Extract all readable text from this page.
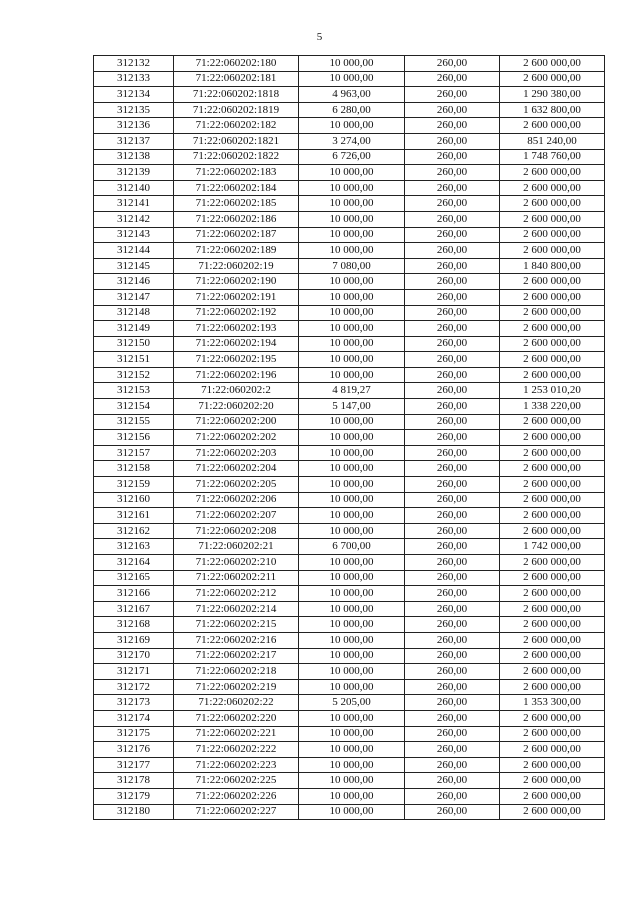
5
312132	71:22:060202:180	10 000,00	260,00	2 600 000,00
312133	71:22:060202:181	10 000,00	260,00	2 600 000,00
312134	71:22:060202:1818	4 963,00	260,00	1 290 380,00
312135	71:22:060202:1819	6 280,00	260,00	1 632 800,00
312136	71:22:060202:182	10 000,00	260,00	2 600 000,00
312137	71:22:060202:1821	3 274,00	260,00	851 240,00
312138	71:22:060202:1822	6 726,00	260,00	1 748 760,00
312139	71:22:060202:183	10 000,00	260,00	2 600 000,00
312140	71:22:060202:184	10 000,00	260,00	2 600 000,00
312141	71:22:060202:185	10 000,00	260,00	2 600 000,00
312142	71:22:060202:186	10 000,00	260,00	2 600 000,00
312143	71:22:060202:187	10 000,00	260,00	2 600 000,00
312144	71:22:060202:189	10 000,00	260,00	2 600 000,00
312145	71:22:060202:19	7 080,00	260,00	1 840 800,00
312146	71:22:060202:190	10 000,00	260,00	2 600 000,00
312147	71:22:060202:191	10 000,00	260,00	2 600 000,00
312148	71:22:060202:192	10 000,00	260,00	2 600 000,00
312149	71:22:060202:193	10 000,00	260,00	2 600 000,00
312150	71:22:060202:194	10 000,00	260,00	2 600 000,00
312151	71:22:060202:195	10 000,00	260,00	2 600 000,00
312152	71:22:060202:196	10 000,00	260,00	2 600 000,00
312153	71:22:060202:2	4 819,27	260,00	1 253 010,20
312154	71:22:060202:20	5 147,00	260,00	1 338 220,00
312155	71:22:060202:200	10 000,00	260,00	2 600 000,00
312156	71:22:060202:202	10 000,00	260,00	2 600 000,00
312157	71:22:060202:203	10 000,00	260,00	2 600 000,00
312158	71:22:060202:204	10 000,00	260,00	2 600 000,00
312159	71:22:060202:205	10 000,00	260,00	2 600 000,00
312160	71:22:060202:206	10 000,00	260,00	2 600 000,00
312161	71:22:060202:207	10 000,00	260,00	2 600 000,00
312162	71:22:060202:208	10 000,00	260,00	2 600 000,00
312163	71:22:060202:21	6 700,00	260,00	1 742 000,00
312164	71:22:060202:210	10 000,00	260,00	2 600 000,00
312165	71:22:060202:211	10 000,00	260,00	2 600 000,00
312166	71:22:060202:212	10 000,00	260,00	2 600 000,00
312167	71:22:060202:214	10 000,00	260,00	2 600 000,00
312168	71:22:060202:215	10 000,00	260,00	2 600 000,00
312169	71:22:060202:216	10 000,00	260,00	2 600 000,00
312170	71:22:060202:217	10 000,00	260,00	2 600 000,00
312171	71:22:060202:218	10 000,00	260,00	2 600 000,00
312172	71:22:060202:219	10 000,00	260,00	2 600 000,00
312173	71:22:060202:22	5 205,00	260,00	1 353 300,00
312174	71:22:060202:220	10 000,00	260,00	2 600 000,00
312175	71:22:060202:221	10 000,00	260,00	2 600 000,00
312176	71:22:060202:222	10 000,00	260,00	2 600 000,00
312177	71:22:060202:223	10 000,00	260,00	2 600 000,00
312178	71:22:060202:225	10 000,00	260,00	2 600 000,00
312179	71:22:060202:226	10 000,00	260,00	2 600 000,00
312180	71:22:060202:227	10 000,00	260,00	2 600 000,00
